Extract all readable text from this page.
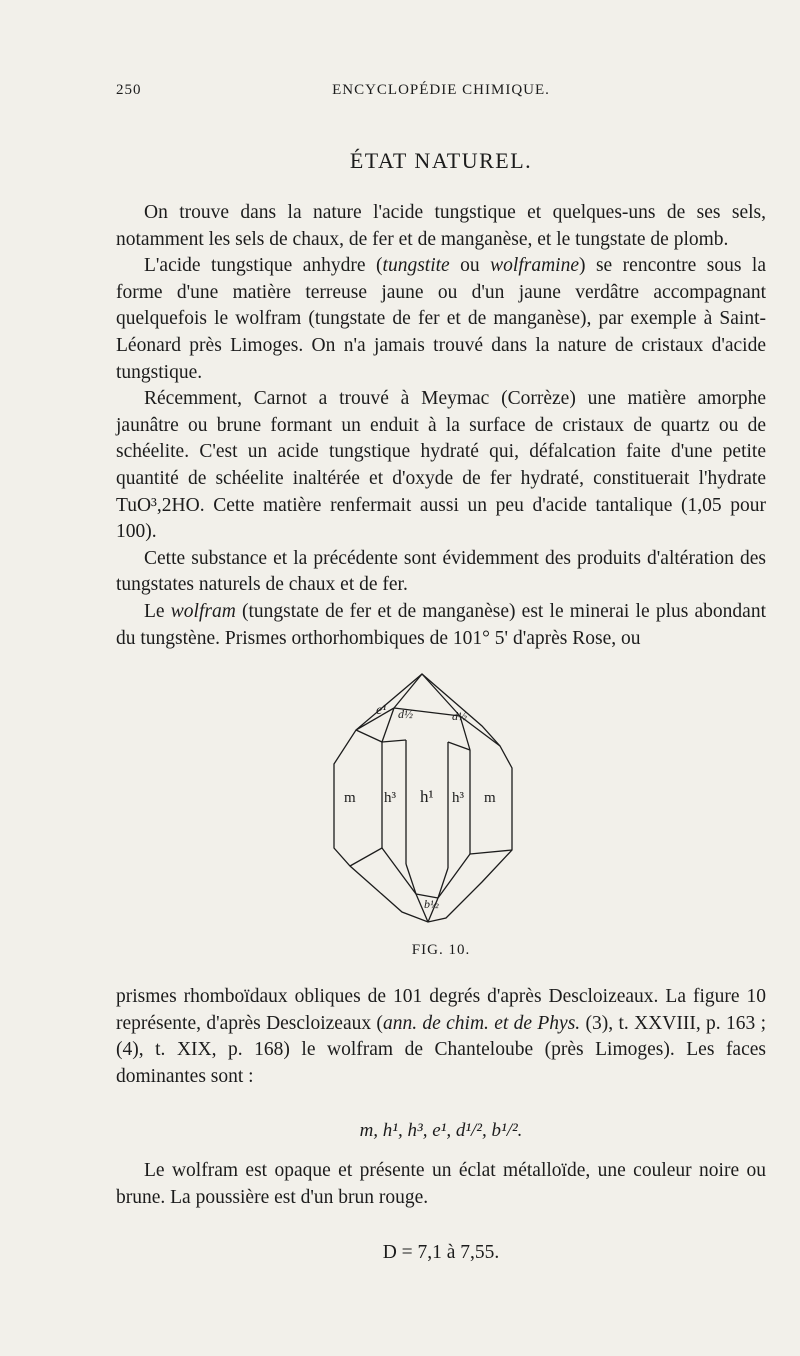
250	ENCYCLOPÉDIE CHIMIQUE.
ÉTAT NATUREL.

On trouve dans la nature l'acide tungstique et quelques-uns de ses sels, notamment les sels de chaux, de fer et de manganèse, et le tungstate de plomb.

L'acide tungstique anhydre (tungstite ou wolframine) se rencontre sous la forme d'une matière terreuse jaune ou d'un jaune verdâtre accompagnant quelquefois le wolfram (tungstate de fer et de manganèse), par exemple à Saint-Léonard près Limoges. On n'a jamais trouvé dans la nature de cristaux d'acide tungstique.

Récemment, Carnot a trouvé à Meymac (Corrèze) une matière amorphe jaunâtre ou brune formant un enduit à la surface de cristaux de quartz ou de schéelite. C'est un acide tungstique hydraté qui, défalcation faite d'une petite quantité de schéelite inaltérée et d'oxyde de fer hydraté, constituerait l'hydrate TuO³,2HO. Cette matière renfermait aussi un peu d'acide tantalique (1,05 pour 100).

Cette substance et la précédente sont évidemment des produits d'altération des tungstates naturels de chaux et de fer.

Le wolfram (tungstate de fer et de manganèse) est le minerai le plus abondant du tungstène. Prismes orthorhombiques de 101° 5' d'après Rose, ou

e¹ d½	d½
m h³ h¹ h³ m
b½
FIG. 10.

prismes rhomboïdaux obliques de 101 degrés d'après Descloizeaux. La figure 10 représente, d'après Descloizeaux (ann. de chim. et de Phys. (3), t. XXVIII, p. 163 ; (4), t. XIX, p. 168) le wolfram de Chanteloube (près Limoges). Les faces dominantes sont :

m, h¹, h³, e¹, d¹/², b¹/².

Le wolfram est opaque et présente un éclat métalloïde, une couleur noire ou brune. La poussière est d'un brun rouge.

D = 7,1 à 7,55.
